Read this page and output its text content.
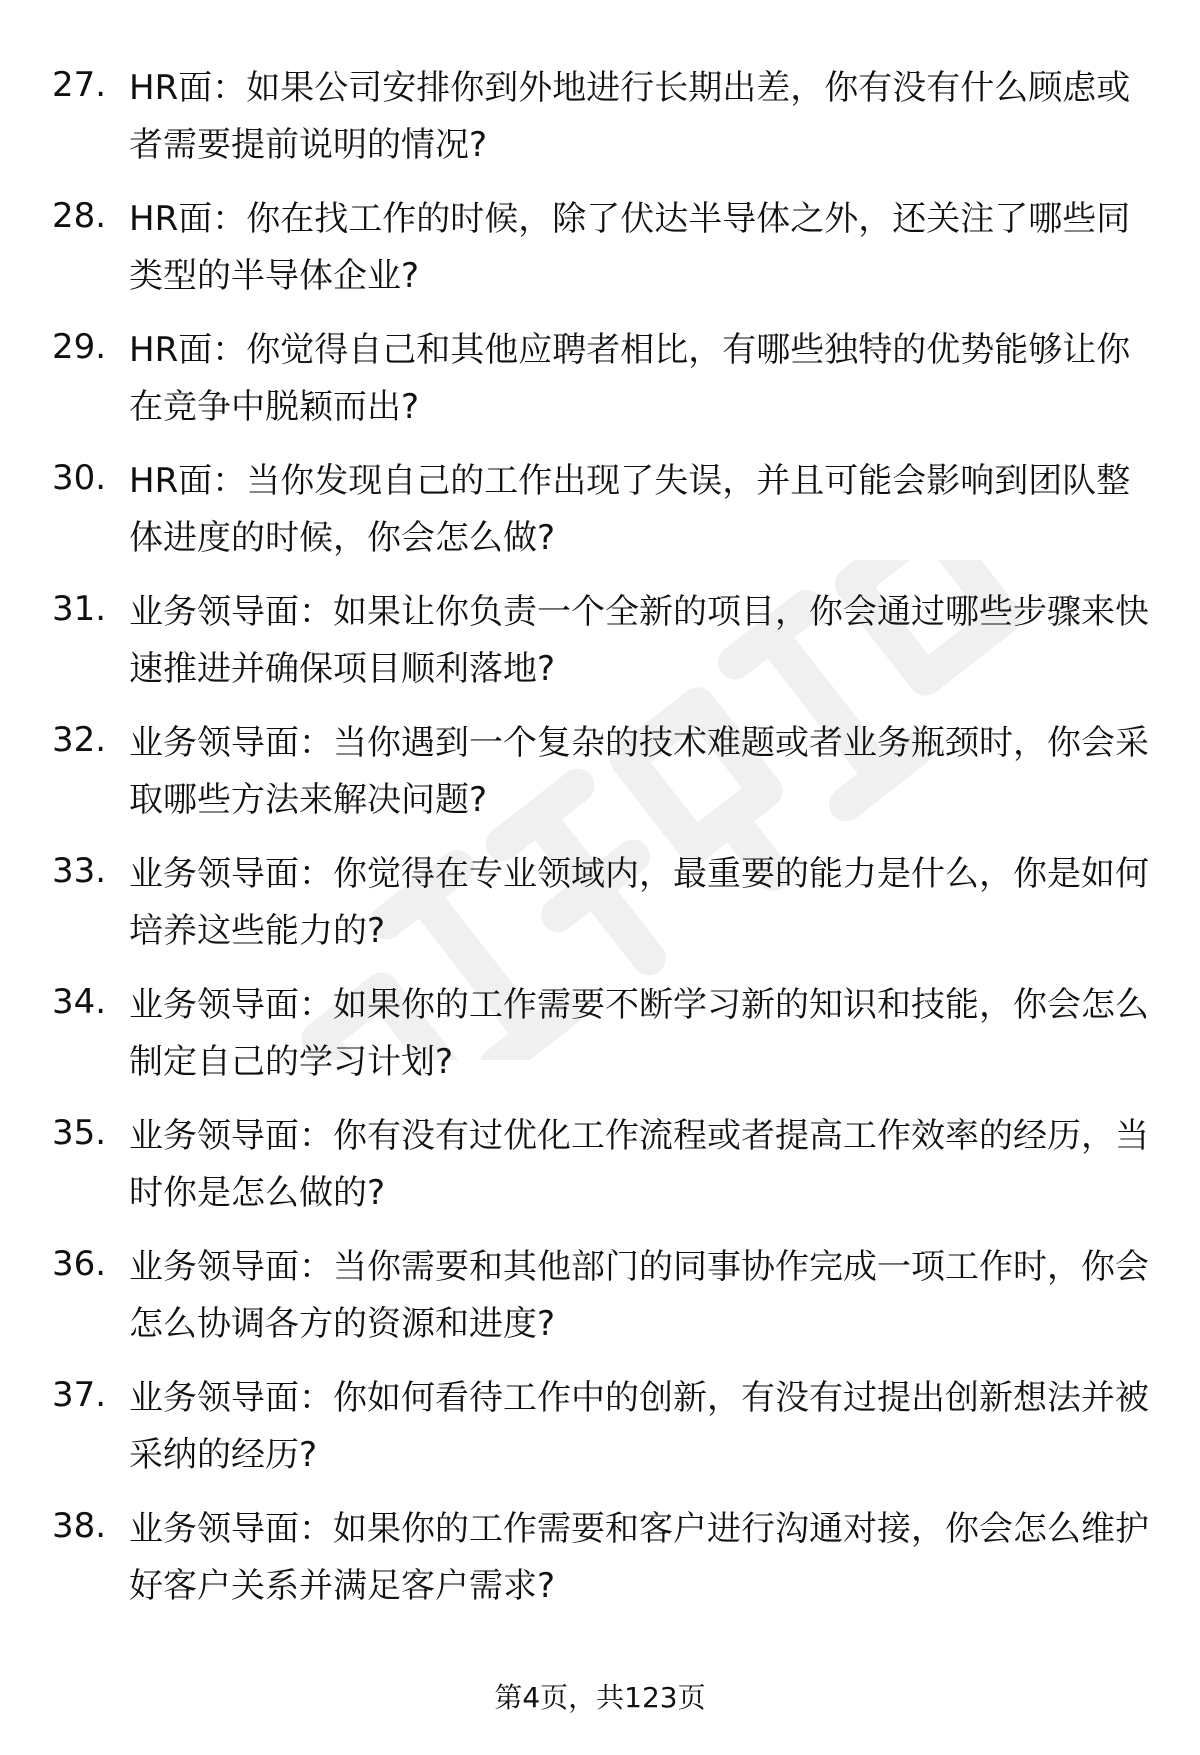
27. HR面：如果公司安排你到外地进行长期出差，你有没有什么顾虑或者需要提前说明的情况?
28. HR面：你在找工作的时候，除了伏达半导体之外，还关注了哪些同类型的半导体企业?
29. HR面：你觉得自己和其他应聘者相比，有哪些独特的优势能够让你在竞争中脱颖而出?
30. HR面：当你发现自己的工作出现了失误，并且可能会影响到团队整体进度的时候，你会怎么做?
31. 业务领导面：如果让你负责一个全新的项目，你会通过哪些步骤来快速推进并确保项目顺利落地?
32. 业务领导面：当你遇到一个复杂的技术难题或者业务瓶颈时，你会采取哪些方法来解决问题?
33. 业务领导面：你觉得在专业领域内，最重要的能力是什么，你是如何培养这些能力的?
34. 业务领导面：如果你的工作需要不断学习新的知识和技能，你会怎么制定自己的学习计划?
35. 业务领导面：你有没有过优化工作流程或者提高工作效率的经历，当时你是怎么做的?
36. 业务领导面：当你需要和其他部门的同事协作完成一项工作时，你会怎么协调各方的资源和进度?
37. 业务领导面：你如何看待工作中的创新，有没有过提出创新想法并被采纳的经历?
38. 业务领导面：如果你的工作需要和客户进行沟通对接，你会怎么维护好客户关系并满足客户需求?
第4页，共123页
